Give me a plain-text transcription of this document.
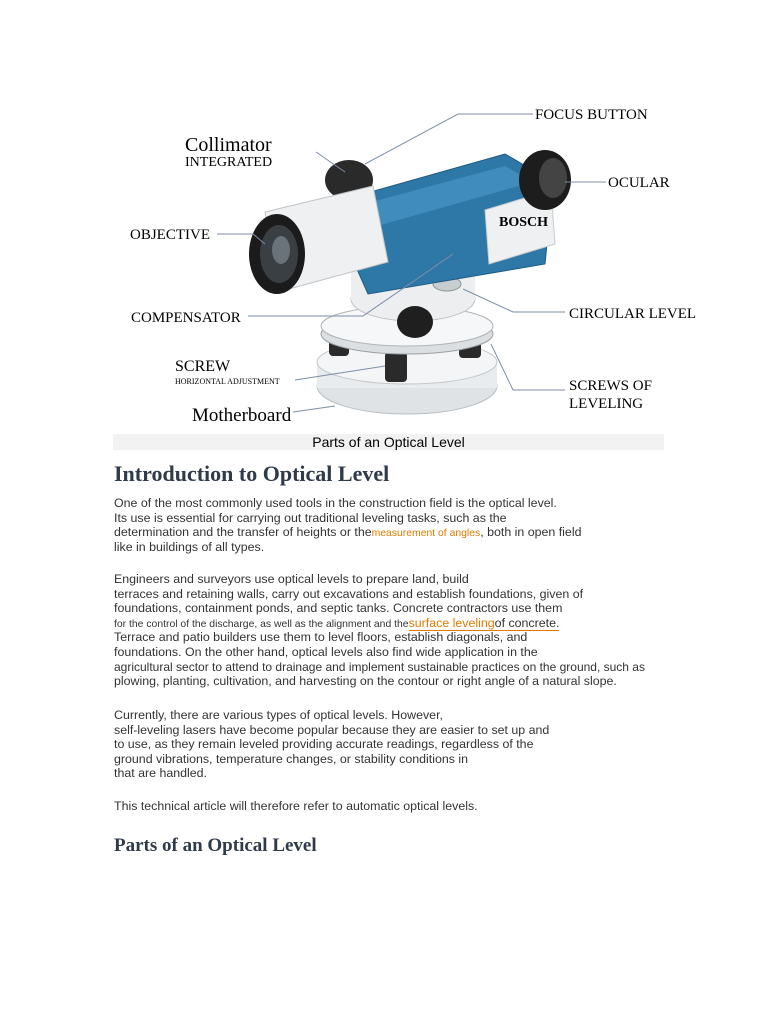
FOCUS BUTTON
Collimator
INTEGRATED
OCULAR
BOSCH
OBJECTIVE
COMPENSATOR	CIRCULAR LEVEL
SCREW
HORIZONTAL ADJUSTMENT	SCREWS OF
LEVELING
Motherboard
Parts of an Optical Level
Introduction to Optical Level
One of the most commonly used tools in the construction field is the optical level.
Its use is essential for carrying out traditional leveling tasks, such as the
determination and the transfer of heights or themeasurement of angles, both in open field
like in buildings of all types.
Engineers and surveyors use optical levels to prepare land, build
terraces and retaining walls, carry out excavations and establish foundations, given of
foundations, containment ponds, and septic tanks. Concrete contractors use them
for the control of the discharge, as well as the alignment and thesurface levelingof concrete.
Terrace and patio builders use them to level floors, establish diagonals, and
foundations. On the other hand, optical levels also find wide application in the
agricultural sector to attend to drainage and implement sustainable practices on the ground, such as
plowing, planting, cultivation, and harvesting on the contour or right angle of a natural slope.
Currently, there are various types of optical levels. However,
self-leveling lasers have become popular because they are easier to set up and
to use, as they remain leveled providing accurate readings, regardless of the
ground vibrations, temperature changes, or stability conditions in
that are handled.
This technical article will therefore refer to automatic optical levels.
Parts of an Optical Level
